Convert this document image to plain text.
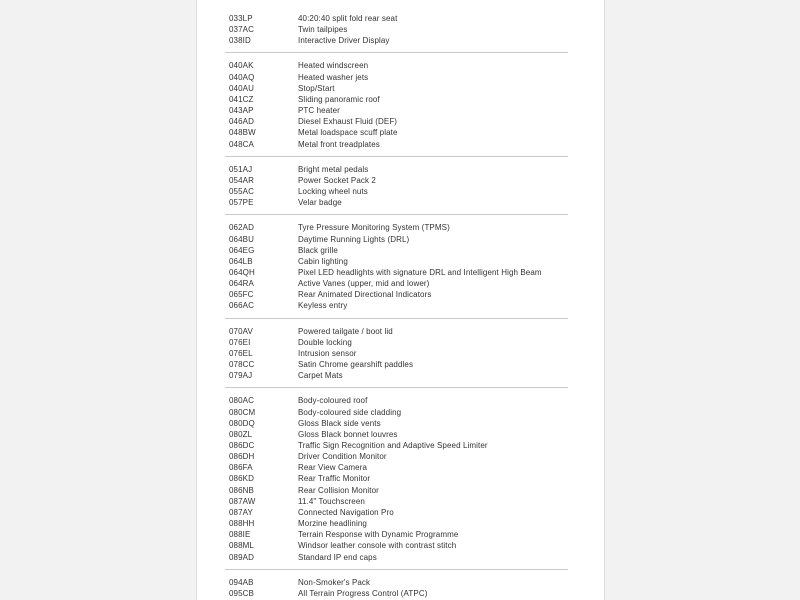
033LP	40:20:40 split fold rear seat
037AC	Twin tailpipes
038ID	Interactive Driver Display
040AK	Heated windscreen
040AQ	Heated washer jets
040AU	Stop/Start
041CZ	Sliding panoramic roof
043AP	PTC heater
046AD	Diesel Exhaust Fluid (DEF)
048BW	Metal loadspace scuff plate
048CA	Metal front treadplates
051AJ	Bright metal pedals
054AR	Power Socket Pack 2
055AC	Locking wheel nuts
057PE	Velar badge
062AD	Tyre Pressure Monitoring System (TPMS)
064BU	Daytime Running Lights (DRL)
064EG	Black grille
064LB	Cabin lighting
064QH	Pixel LED headlights with signature DRL and Intelligent High Beam
064RA	Active Vanes (upper, mid and lower)
065FC	Rear Animated Directional Indicators
066AC	Keyless entry
070AV	Powered tailgate / boot lid
076EI	Double locking
076EL	Intrusion sensor
078CC	Satin Chrome gearshift paddles
079AJ	Carpet Mats
080AC	Body-coloured roof
080CM	Body-coloured side cladding
080DQ	Gloss Black side vents
080ZL	Gloss Black bonnet louvres
086DC	Traffic Sign Recognition and Adaptive Speed Limiter
086DH	Driver Condition Monitor
086FA	Rear View Camera
086KD	Rear Traffic Monitor
086NB	Rear Collision Monitor
087AW	11.4" Touchscreen
087AY	Connected Navigation Pro
088HH	Morzine headlining
088IE	Terrain Response with Dynamic Programme
088ML	Windsor leather console with contrast stitch
089AD	Standard IP end caps
094AB	Non-Smoker's Pack
095CB	All Terrain Progress Control (ATPC)
